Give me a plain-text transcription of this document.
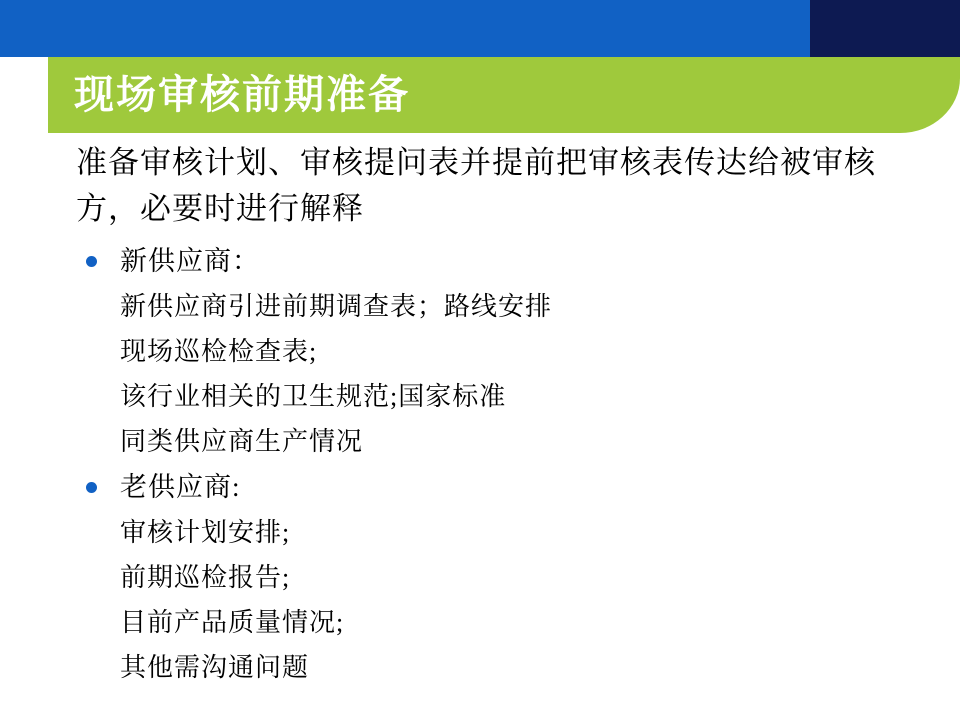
现场审核前期准备

准备审核计划、审核提问表并提前把审核表传达给被审核方，必要时进行解释

新供应商：
新供应商引进前期调查表；路线安排
现场巡检检查表;
该行业相关的卫生规范;国家标准
同类供应商生产情况
老供应商:
审核计划安排;
前期巡检报告;
目前产品质量情况;
其他需沟通问题
